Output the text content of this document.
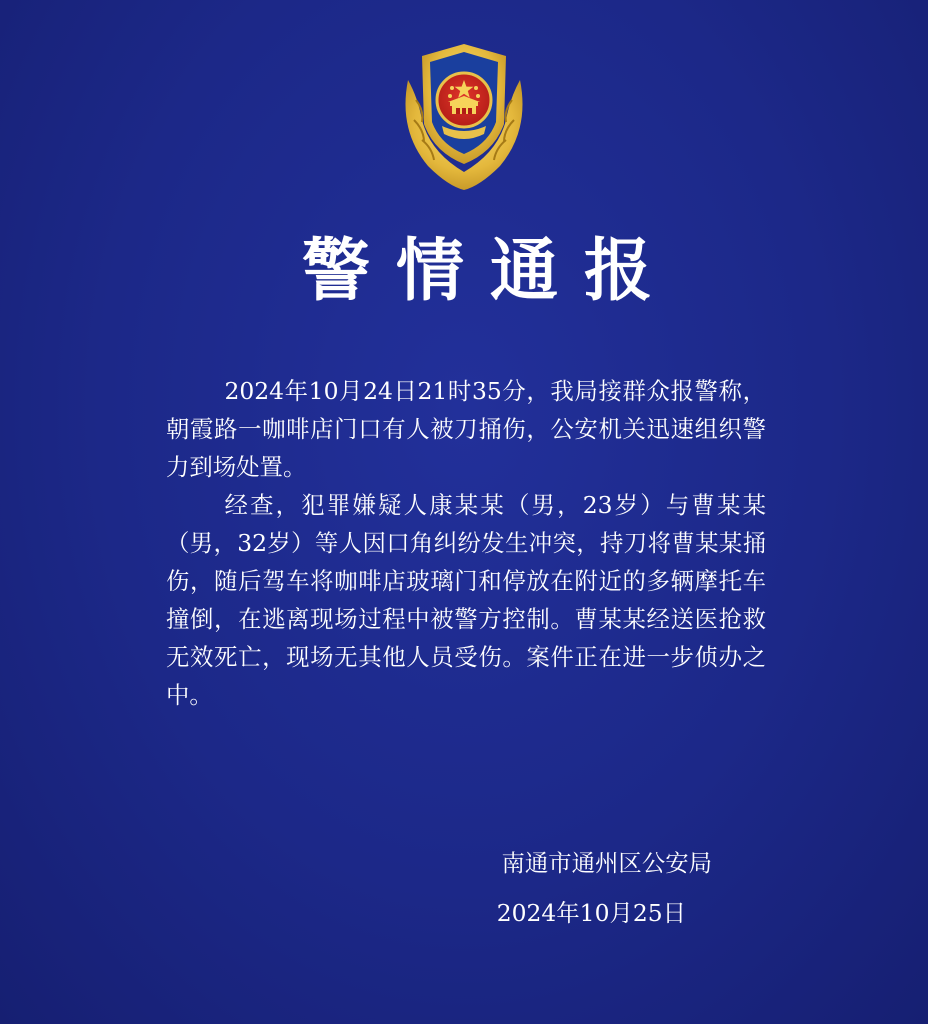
警情通报

2024年10月24日21时35分，我局接群众报警称，朝霞路一咖啡店门口有人被刀捅伤，公安机关迅速组织警力到场处置。

经查，犯罪嫌疑人康某某（男，23岁）与曹某某（男，32岁）等人因口角纠纷发生冲突，持刀将曹某某捅伤，随后驾车将咖啡店玻璃门和停放在附近的多辆摩托车撞倒，在逃离现场过程中被警方控制。曹某某经送医抢救无效死亡，现场无其他人员受伤。案件正在进一步侦办之中。

南通市通州区公安局
2024年10月25日
